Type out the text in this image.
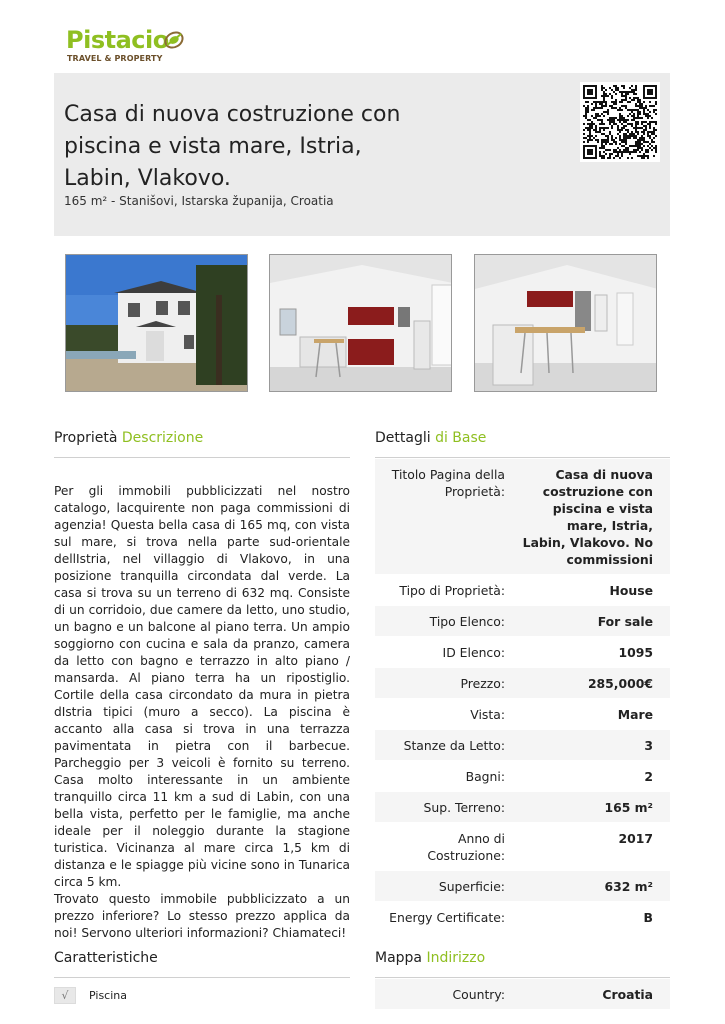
Pistacio
TRAVEL & PROPERTY
Casa di nuova costruzione con piscina e vista mare, Istria, Labin, Vlakovo.
165 m² - Stanišovi, Istarska županija, Croatia
Proprietà Descrizione

Per gli immobili pubblicizzati nel nostro catalogo, lacquirente non paga commissioni di agenzia! Questa bella casa di 165 mq, con vista sul mare, si trova nella parte sud-orientale dellIstria, nel villaggio di Vlakovo, in una posizione tranquilla circondata dal verde. La casa si trova su un terreno di 632 mq. Consiste di un corridoio, due camere da letto, uno studio, un bagno e un balcone al piano terra. Un ampio soggiorno con cucina e sala da pranzo, camera da letto con bagno e terrazzo in alto piano / mansarda. Al piano terra ha un ripostiglio. Cortile della casa circondato da mura in pietra dIstria tipici (muro a secco). La piscina è accanto alla casa si trova in una terrazza pavimentata in pietra con il barbecue. Parcheggio per 3 veicoli è fornito su terreno. Casa molto interessante in un ambiente tranquillo circa 11 km a sud di Labin, con una bella vista, perfetto per le famiglie, ma anche ideale per il noleggio durante la stagione turistica. Vicinanza al mare circa 1,5 km di distanza e le spiagge più vicine sono in Tunarica circa 5 km.

Trovato questo immobile pubblicizzato a un prezzo inferiore? Lo stesso prezzo applica da noi! Servono ulteriori informazioni? Chiamateci!

Dettagli di Base
Titolo Pagina della Proprietà:
Casa di nuova costruzione con piscina e vista mare, Istria, Labin, Vlakovo. No commissioni
Tipo di Proprietà:	House
Tipo Elenco:	For sale
ID Elenco:	1095
Prezzo:	285,000€
Vista:	Mare
Stanze da Letto:	3
Bagni:	2
Sup. Terreno:	165 m²
Anno di Costruzione:
2017
Superficie:	632 m²
Energy Certificate:	B
Caratteristiche
√	Piscina
Mappa Indirizzo
Country:	Croatia
